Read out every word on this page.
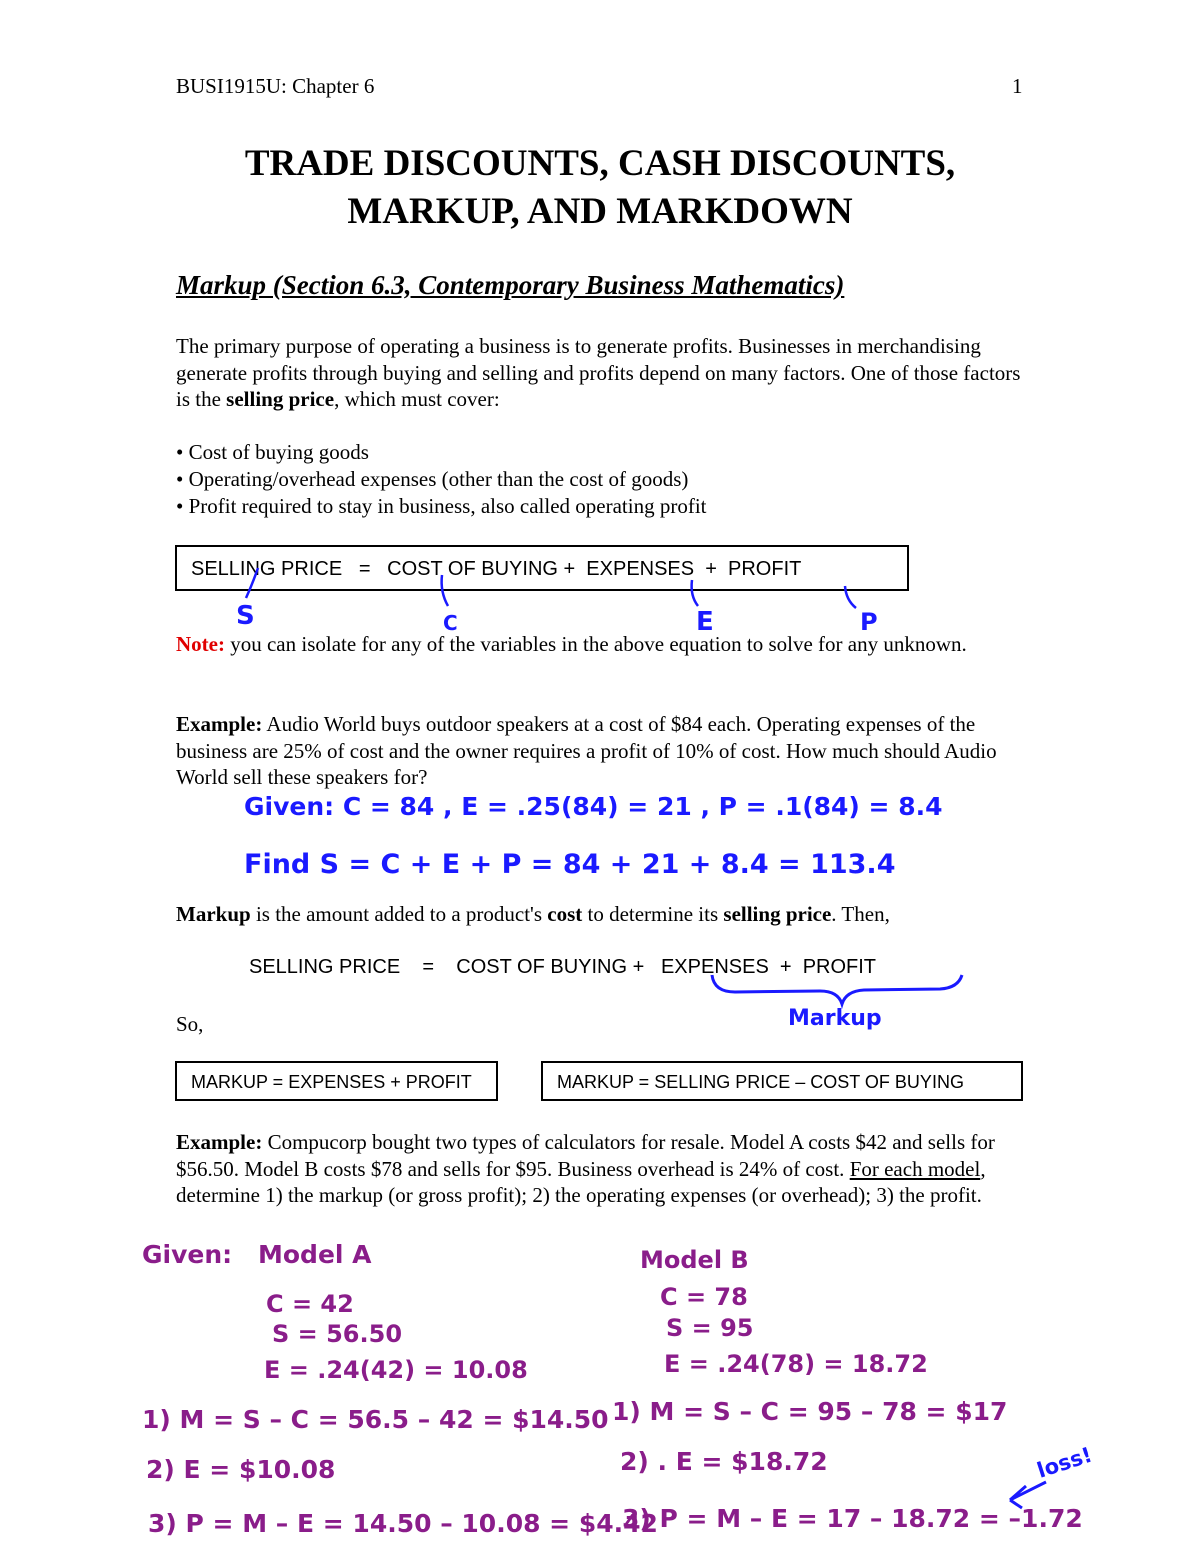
BUSI1915U: Chapter 6	1
TRADE DISCOUNTS, CASH DISCOUNTS,
MARKUP, AND MARKDOWN
Markup (Section 6.3, Contemporary Business Mathematics)
The primary purpose of operating a business is to generate profits. Businesses in merchandising generate profits through buying and selling and profits depend on many factors. One of those factors is the selling price, which must cover:
• Cost of buying goods
• Operating/overhead expenses (other than the cost of goods)
• Profit required to stay in business, also called operating profit
SELLING PRICE   =   COST OF BUYING +  EXPENSES  +  PROFIT
Note: you can isolate for any of the variables in the above equation to solve for any unknown.
Example: Audio World buys outdoor speakers at a cost of $84 each. Operating expenses of the business are 25% of cost and the owner requires a profit of 10% of cost. How much should Audio World sell these speakers for?
Markup is the amount added to a product's cost to determine its selling price. Then,
SELLING PRICE    =    COST OF BUYING +   EXPENSES  +  PROFIT
So,
MARKUP = EXPENSES + PROFIT	MARKUP = SELLING PRICE – COST OF BUYING
Example: Compucorp bought two types of calculators for resale. Model A costs $42 and sells for $56.50. Model B costs $78 and sells for $95. Business overhead is 24% of cost. For each model, determine 1) the markup (or gross profit); 2) the operating expenses (or overhead); 3) the profit.
S	C	E	P
Given: C = 84 , E = .25(84) = 21 , P = .1(84) = 8.4
Find S = C + E + P = 84 + 21 + 8.4 = 113.4
Markup
Given: Model A
C = 42
S = 56.50
E = .24(42) = 10.08
1) M = S – C = 56.5 – 42 = $14.50
2) E = $10.08
3) P = M – E = 14.50 – 10.08 = $4.42
Model B
C = 78
S = 95
E = .24(78) = 18.72
1) M = S – C = 95 – 78 = $17
2) . E = $18.72
3) P = M – E = 17 – 18.72 = –1.72
loss!
